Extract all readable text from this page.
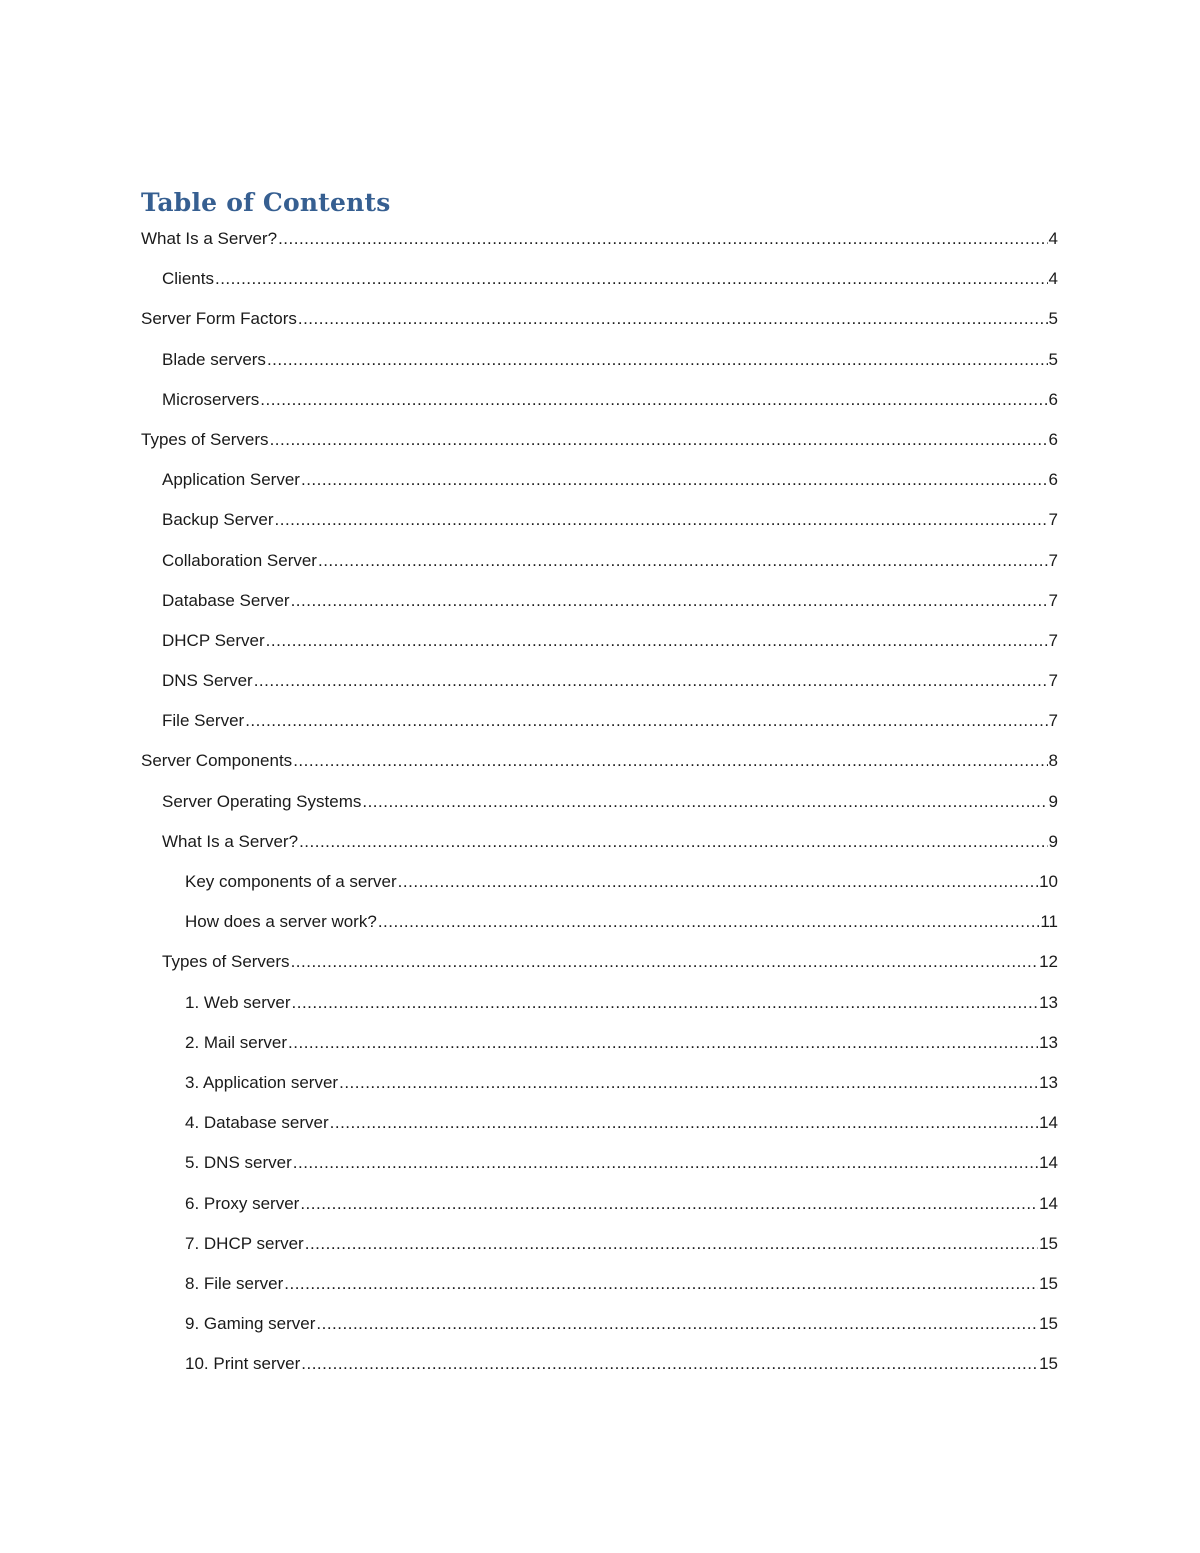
Table of Contents
What Is a Server? .....	4
Clients .....	4
Server Form Factors .....	5
Blade servers .....	5
Microservers .....	6
Types of Servers .....	6
Application Server .....	6
Backup Server .....	7
Collaboration Server .....	7
Database Server .....	7
DHCP Server .....	7
DNS Server .....	7
File Server .....	7
Server Components .....	8
Server Operating Systems .....	9
What Is a Server? .....	9
Key components of a server .....	10
How does a server work? .....	11
Types of Servers .....	12
1. Web server .....	13
2. Mail server .....	13
3. Application server .....	13
4. Database server .....	14
5. DNS server .....	14
6. Proxy server .....	14
7. DHCP server .....	15
8. File server .....	15
9. Gaming server .....	15
10. Print server .....	15
